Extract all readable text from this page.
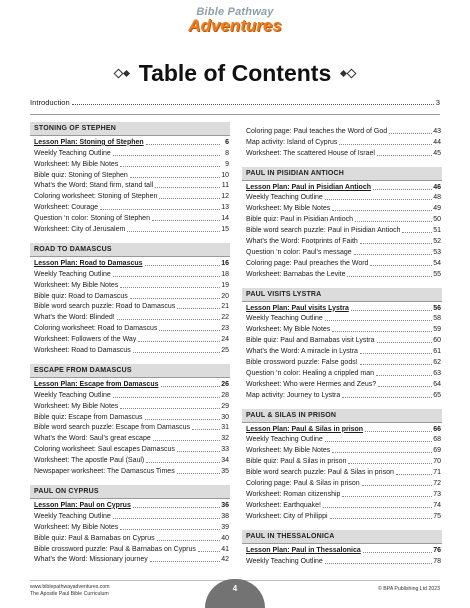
Bible Pathway
Adventures
Table of Contents
Introduction	3
STONING OF STEPHEN
Lesson Plan: Stoning of Stephen	6
Weekly Teaching Outline	8
Worksheet: My Bible Notes	9
Bible quiz: Stoning of Stephen	10
What’s the Word: Stand firm, stand tall	11
Coloring worksheet: Stoning of Stephen	12
Worksheet: Courage	13
Question ‘n color: Stoning of Stephen	14
Worksheet: City of Jerusalem	15
ROAD TO DAMASCUS
Lesson Plan: Road to Damascus	16
Weekly Teaching Outline	18
Worksheet: My Bible Notes	19
Bible quiz: Road to Damascus	20
Bible word search puzzle: Road to Damascus	21
What’s the Word: Blinded!	22
Coloring worksheet: Road to Damascus	23
Worksheet: Followers of the Way	24
Worksheet: Road to Damascus	25
ESCAPE FROM DAMASCUS
Lesson Plan: Escape from Damascus	26
Weekly Teaching Outline	28
Worksheet: My Bible Notes	29
Bible quiz: Escape from Damascus	30
Bible word search puzzle: Escape from Damascus	31
What’s the Word: Saul’s great escape	32
Coloring worksheet: Saul escapes Damascus	33
Worksheet: The apostle Paul (Saul)	34
Newspaper worksheet: The Damascus Times	35
PAUL ON CYPRUS
Lesson Plan: Paul on Cyprus	36
Weekly Teaching Outline	38
Worksheet: My Bible Notes	39
Bible quiz: Paul & Barnabas on Cyprus	40
Bible crossword puzzle: Paul & Barnabas on Cyprus	41
What’s the Word: Missionary journey	42
Coloring page: Paul teaches the Word of God	43
Map activity: Island of Cyprus	44
Worksheet: The scattered House of Israel	45
PAUL IN PISIDIAN ANTIOCH
Lesson Plan: Paul in Pisidian Antioch	46
Weekly Teaching Outline	48
Worksheet: My Bible Notes	49
Bible quiz: Paul in Pisidian Antioch	50
Bible word search puzzle: Paul in Pisidian Antioch	51
What’s the Word: Footprints of Faith	52
Question ‘n color: Paul’s message	53
Coloring page: Paul preaches the Word	54
Worksheet: Barnabas the Levite	55
PAUL VISITS LYSTRA
Lesson Plan: Paul visits Lystra	56
Weekly Teaching Outline	58
Worksheet: My Bible Notes	59
Bible quiz: Paul and Barnabas visit Lystra	60
What’s the Word: A miracle in Lystra	61
Bible crossword puzzle: False gods!	62
Question ‘n color: Healing a crippled man	63
Worksheet: Who were Hermes and Zeus?	64
Map activity: Journey to Lystra	65
PAUL & SILAS IN PRISON
Lesson Plan: Paul & Silas in prison	66
Weekly Teaching Outline	68
Worksheet: My Bible Notes	69
Bible quiz: Paul & Silas in prison	70
Bible word search puzzle: Paul & Silas in prison	71
Coloring page: Paul & Silas in prison	72
Worksheet: Roman citizenship	73
Worksheet: Earthquake!	74
Worksheet: City of Philippi	75
PAUL IN THESSALONICA
Lesson Plan: Paul in Thessalonica	76
Weekly Teaching Outline	78
www.biblepathwayadventures.com
The Apostle Paul Bible Curriculum
4	© BPA Publishing Ltd 2023
